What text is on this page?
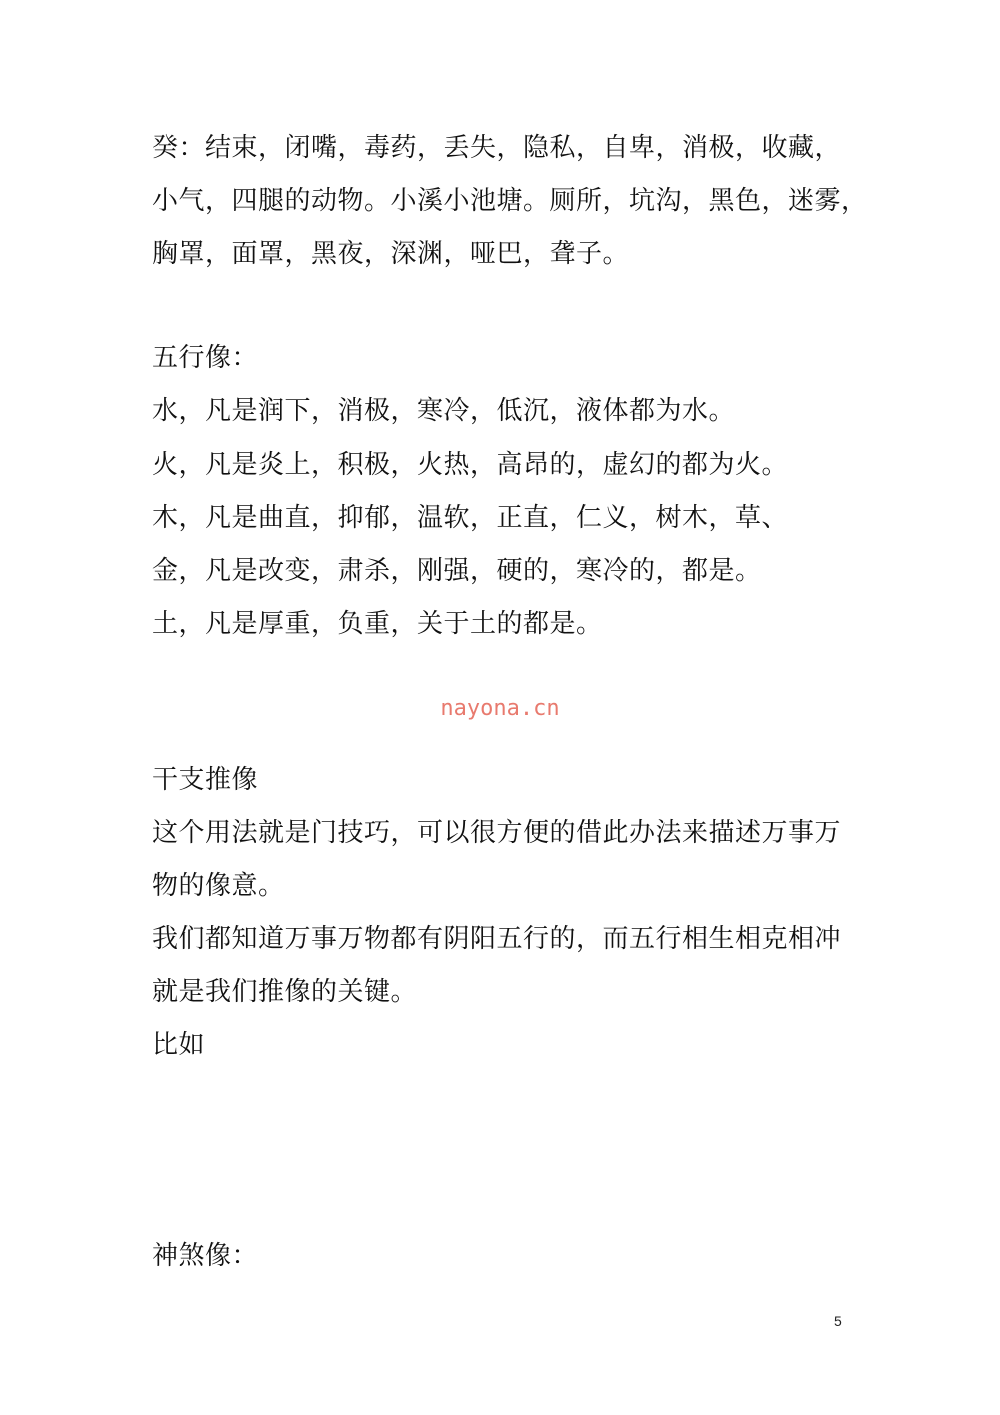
癸：结束，闭嘴，毒药，丢失，隐私，自卑，消极，收藏，
小气，四腿的动物。小溪小池塘。厕所，坑沟，黑色，迷雾，
胸罩，面罩，黑夜，深渊，哑巴，聋子。
五行像：
水，凡是润下，消极，寒冷，低沉，液体都为水。
火，凡是炎上，积极，火热，高昂的，虚幻的都为火。
木，凡是曲直，抑郁，温软，正直，仁义，树木，草、
金，凡是改变，肃杀，刚强，硬的，寒冷的，都是。
土，凡是厚重，负重，关于土的都是。
nayona.cn
干支推像
这个用法就是门技巧，可以很方便的借此办法来描述万事万
物的像意。
我们都知道万事万物都有阴阳五行的，而五行相生相克相冲
就是我们推像的关键。
比如
神煞像：
5
